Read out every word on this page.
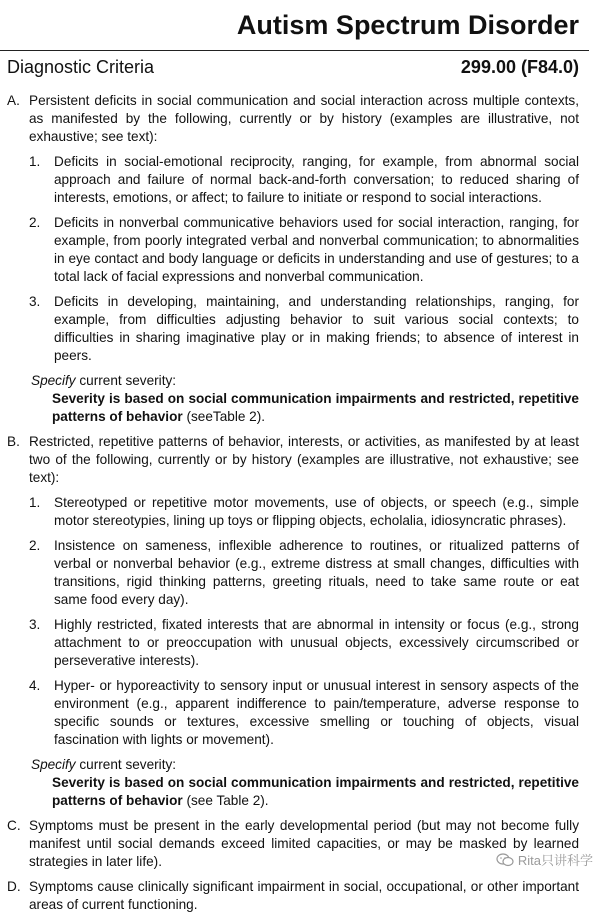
Autism Spectrum Disorder
Diagnostic Criteria	299.00 (F84.0)
A. Persistent deficits in social communication and social interaction across multiple contexts, as manifested by the following, currently or by history (examples are illustrative, not exhaustive; see text):
1. Deficits in social-emotional reciprocity, ranging, for example, from abnormal social approach and failure of normal back-and-forth conversation; to reduced sharing of interests, emotions, or affect; to failure to initiate or respond to social interactions.
2. Deficits in nonverbal communicative behaviors used for social interaction, ranging, for example, from poorly integrated verbal and nonverbal communication; to abnormalities in eye contact and body language or deficits in understanding and use of gestures; to a total lack of facial expressions and nonverbal communication.
3. Deficits in developing, maintaining, and understanding relationships, ranging, for example, from difficulties adjusting behavior to suit various social contexts; to difficulties in sharing imaginative play or in making friends; to absence of interest in peers.
Specify current severity:
Severity is based on social communication impairments and restricted, repetitive patterns of behavior (seeTable 2).
B. Restricted, repetitive patterns of behavior, interests, or activities, as manifested by at least two of the following, currently or by history (examples are illustrative, not exhaustive; see text):
1. Stereotyped or repetitive motor movements, use of objects, or speech (e.g., simple motor stereotypies, lining up toys or flipping objects, echolalia, idiosyncratic phrases).
2. Insistence on sameness, inflexible adherence to routines, or ritualized patterns of verbal or nonverbal behavior (e.g., extreme distress at small changes, difficulties with transitions, rigid thinking patterns, greeting rituals, need to take same route or eat same food every day).
3. Highly restricted, fixated interests that are abnormal in intensity or focus (e.g., strong attachment to or preoccupation with unusual objects, excessively circumscribed or perseverative interests).
4. Hyper- or hyporeactivity to sensory input or unusual interest in sensory aspects of the environment (e.g., apparent indifference to pain/temperature, adverse response to specific sounds or textures, excessive smelling or touching of objects, visual fascination with lights or movement).
Specify current severity:
Severity is based on social communication impairments and restricted, repetitive patterns of behavior (see Table 2).
C. Symptoms must be present in the early developmental period (but may not become fully manifest until social demands exceed limited capacities, or may be masked by learned strategies in later life).
D. Symptoms cause clinically significant impairment in social, occupational, or other important areas of current functioning.
Rita只讲科学
